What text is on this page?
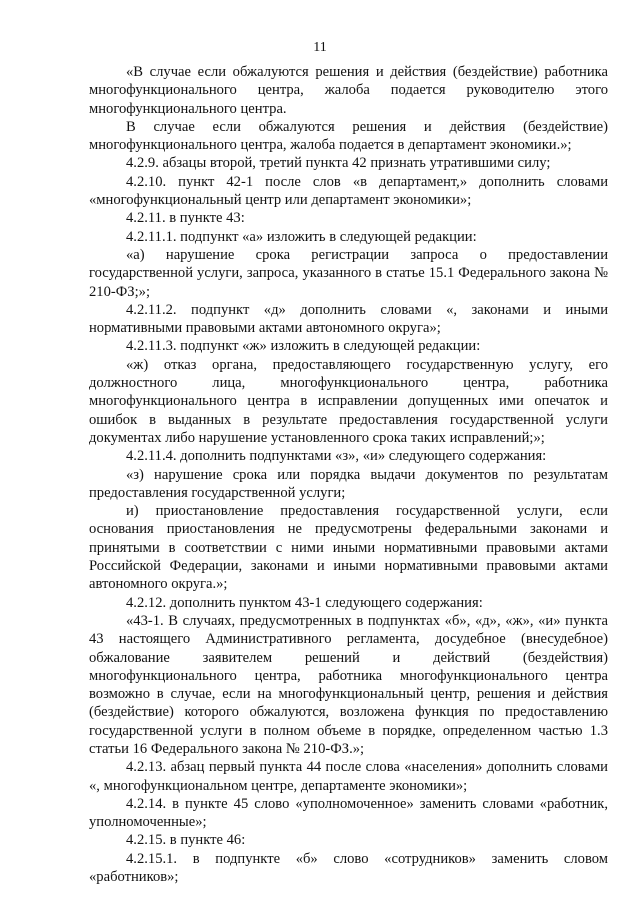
11

«В случае если обжалуются решения и действия (бездействие) работника многофункционального центра, жалоба подается руководителю этого многофункционального центра.

В случае если обжалуются решения и действия (бездействие) многофункционального центра, жалоба подается в департамент экономики.»;

4.2.9. абзацы второй, третий пункта 42 признать утратившими силу;

4.2.10. пункт 42-1 после слов «в департамент,» дополнить словами «многофункциональный центр или департамент экономики»;

4.2.11. в пункте 43:

4.2.11.1. подпункт «а» изложить в следующей редакции:

«а) нарушение срока регистрации запроса о предоставлении государственной услуги, запроса, указанного в статье 15.1 Федерального закона № 210-ФЗ;»;

4.2.11.2. подпункт «д» дополнить словами «, законами и иными нормативными правовыми актами автономного округа»;

4.2.11.3. подпункт «ж» изложить в следующей редакции:

«ж) отказ органа, предоставляющего государственную услугу, его должностного лица, многофункционального центра, работника многофункционального центра в исправлении допущенных ими опечаток и ошибок в выданных в результате предоставления государственной услуги документах либо нарушение установленного срока таких исправлений;»;

4.2.11.4. дополнить подпунктами «з», «и» следующего содержания:

«з) нарушение срока или порядка выдачи документов по результатам предоставления государственной услуги;

и) приостановление предоставления государственной услуги, если основания приостановления не предусмотрены федеральными законами и принятыми в соответствии с ними иными нормативными правовыми актами Российской Федерации, законами и иными нормативными правовыми актами автономного округа.»;

4.2.12. дополнить пунктом 43-1 следующего содержания:

«43-1. В случаях, предусмотренных в подпунктах «б», «д», «ж», «и» пункта 43 настоящего Административного регламента, досудебное (внесудебное) обжалование заявителем решений и действий (бездействия) многофункционального центра, работника многофункционального центра возможно в случае, если на многофункциональный центр, решения и действия (бездействие) которого обжалуются, возложена функция по предоставлению государственной услуги в полном объеме в порядке, определенном частью 1.3 статьи 16 Федерального закона № 210-ФЗ.»;

4.2.13. абзац первый пункта 44 после слова «населения» дополнить словами «, многофункциональном центре, департаменте экономики»;

4.2.14. в пункте 45 слово «уполномоченное» заменить словами «работник, уполномоченные»;

4.2.15. в пункте 46:

4.2.15.1. в подпункте «б» слово «сотрудников» заменить словом «работников»;
